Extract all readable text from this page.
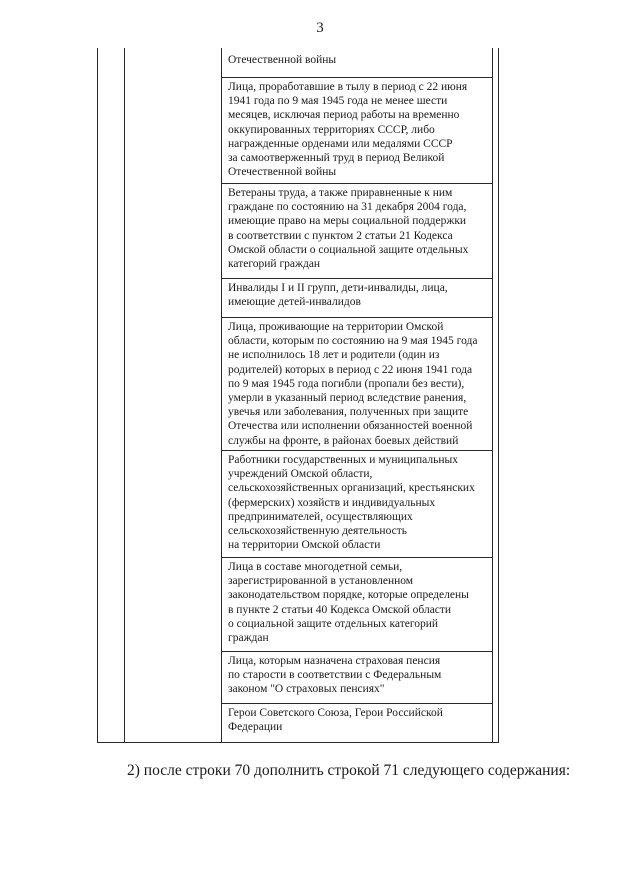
3
Отечественной войны
Лица, проработавшие в тылу в период с 22 июня
1941 года по 9 мая 1945 года не менее шести
месяцев, исключая период работы на временно
оккупированных территориях СССР, либо
награжденные орденами или медалями СССР
за самоотверженный труд в период Великой
Отечественной войны
Ветераны труда, а также приравненные к ним
граждане по состоянию на 31 декабря 2004 года,
имеющие право на меры социальной поддержки
в соответствии с пунктом 2 статьи 21 Кодекса
Омской области о социальной защите отдельных
категорий граждан
Инвалиды I и II групп, дети-инвалиды, лица,
имеющие детей-инвалидов
Лица, проживающие на территории Омской
области, которым по состоянию на 9 мая 1945 года
не исполнилось 18 лет и родители (один из
родителей) которых в период с 22 июня 1941 года
по 9 мая 1945 года погибли (пропали без вести),
умерли в указанный период вследствие ранения,
увечья или заболевания, полученных при защите
Отечества или исполнении обязанностей военной
службы на фронте, в районах боевых действий
Работники государственных и муниципальных
учреждений Омской области,
сельскохозяйственных организаций, крестьянских
(фермерских) хозяйств и индивидуальных
предпринимателей, осуществляющих
сельскохозяйственную деятельность
на территории Омской области
Лица в составе многодетной семьи,
зарегистрированной в установленном
законодательством порядке, которые определены
в пункте 2 статьи 40 Кодекса Омской области
о социальной защите отдельных категорий
граждан
Лица, которым назначена страховая пенсия
по старости в соответствии с Федеральным
законом "О страховых пенсиях"
Герои Советского Союза, Герои Российской
Федерации
2) после строки 70 дополнить строкой 71 следующего содержания:
